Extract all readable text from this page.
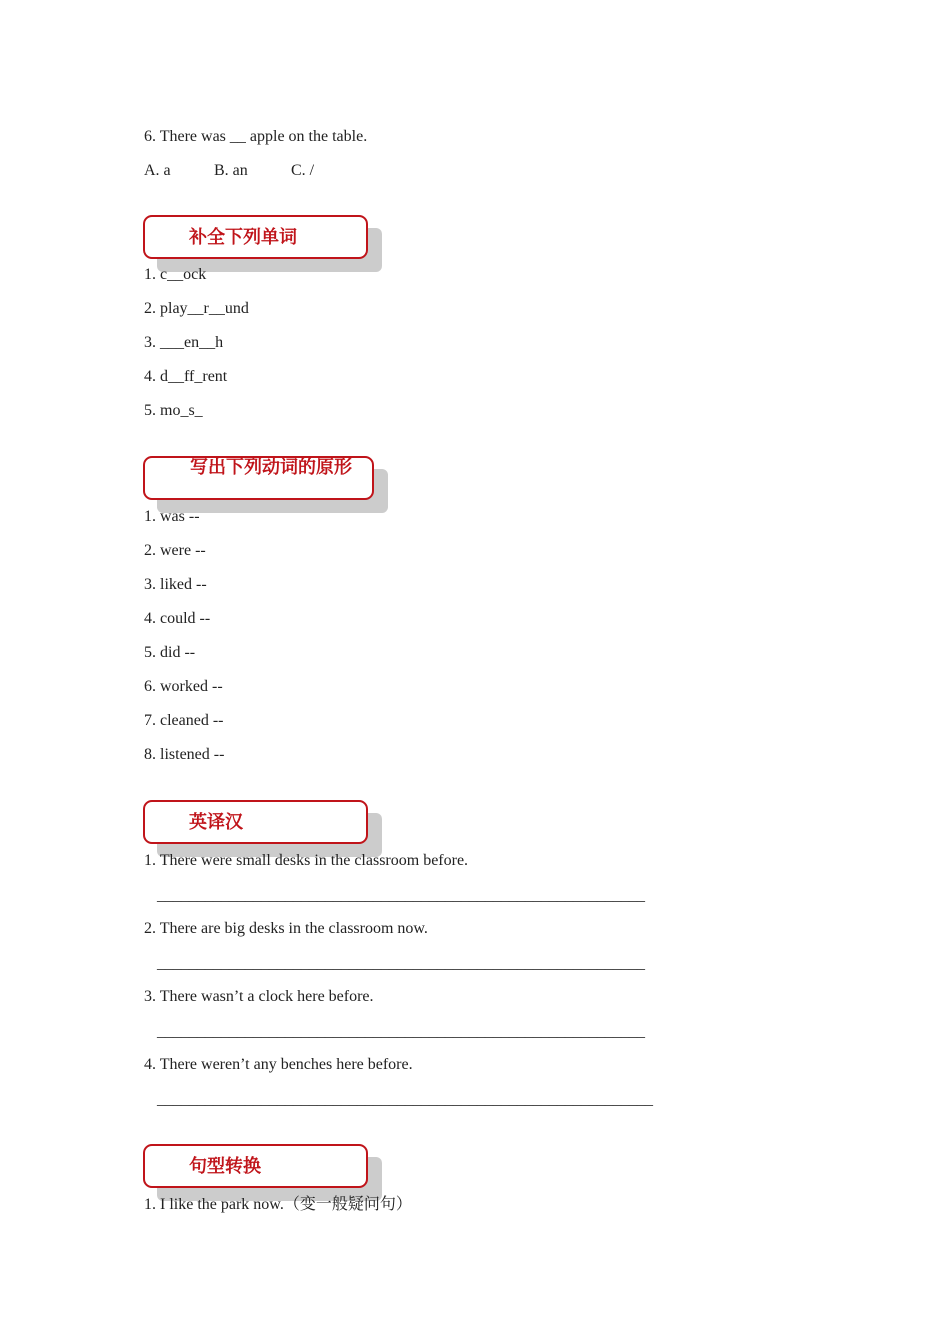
6. There was __ apple on the table.

A. a

	B. an

	C. /

补全下列单词
1. c__ock
2. play__r__und
3. ___en__h
4. d__ff_rent
5. mo_s_
写出下列动词的原形
1. was --
2. were --
3. liked --
4. could --
5. did --
6. worked --
7. cleaned --
8. listened --
英译汉
1. There were small desks in the classroom before.
_____________________________________________________________
2. There are big desks in the classroom now.
_____________________________________________________________
3. There wasn’t a clock here before.
_____________________________________________________________
4. There weren’t any benches here before.
______________________________________________________________
句型转换
1. I like the park now.（变一般疑问句）
